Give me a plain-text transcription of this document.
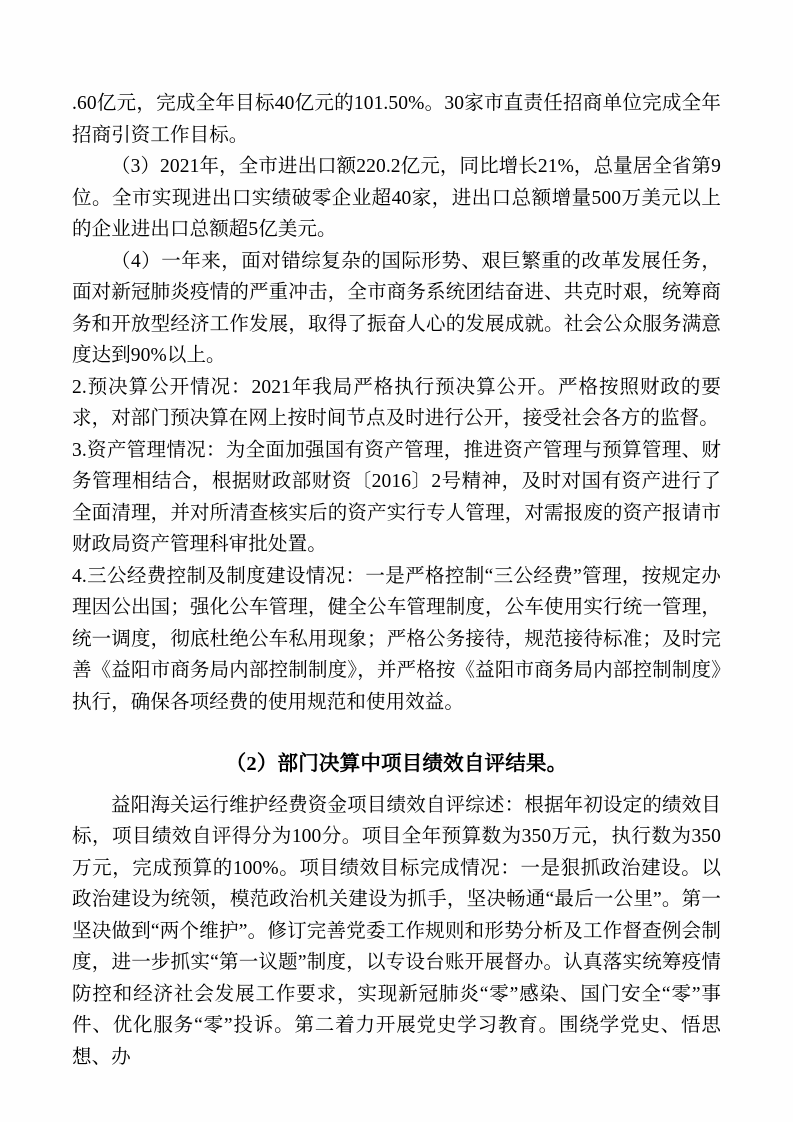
.60亿元，完成全年目标40亿元的101.50%。30家市直责任招商单位完成全年招商引资工作目标。

（3）2021年，全市进出口额220.2亿元，同比增长21%，总量居全省第9位。全市实现进出口实绩破零企业超40家，进出口总额增量500万美元以上的企业进出口总额超5亿美元。

（4）一年来，面对错综复杂的国际形势、艰巨繁重的改革发展任务，面对新冠肺炎疫情的严重冲击，全市商务系统团结奋进、共克时艰，统筹商务和开放型经济工作发展，取得了振奋人心的发展成就。社会公众服务满意度达到90%以上。

2.预决算公开情况：2021年我局严格执行预决算公开。严格按照财政的要求，对部门预决算在网上按时间节点及时进行公开，接受社会各方的监督。

3.资产管理情况：为全面加强国有资产管理，推进资产管理与预算管理、财务管理相结合，根据财政部财资〔2016〕2号精神，及时对国有资产进行了全面清理，并对所清查核实后的资产实行专人管理，对需报废的资产报请市财政局资产管理科审批处置。

4.三公经费控制及制度建设情况：一是严格控制“三公经费”管理，按规定办理因公出国；强化公车管理，健全公车管理制度，公车使用实行统一管理，统一调度，彻底杜绝公车私用现象；严格公务接待，规范接待标准；及时完善《益阳市商务局内部控制制度》，并严格按《益阳市商务局内部控制制度》执行，确保各项经费的使用规范和使用效益。

（2）部门决算中项目绩效自评结果。

益阳海关运行维护经费资金项目绩效自评综述：根据年初设定的绩效目标，项目绩效自评得分为100分。项目全年预算数为350万元，执行数为350万元，完成预算的100%。项目绩效目标完成情况：一是狠抓政治建设。以政治建设为统领，模范政治机关建设为抓手，坚决畅通“最后一公里”。第一坚决做到“两个维护”。修订完善党委工作规则和形势分析及工作督查例会制度，进一步抓实“第一议题”制度，以专设台账开展督办。认真落实统筹疫情防控和经济社会发展工作要求，实现新冠肺炎“零”感染、国门安全“零”事件、优化服务“零”投诉。第二着力开展党史学习教育。围绕学党史、悟思想、办
